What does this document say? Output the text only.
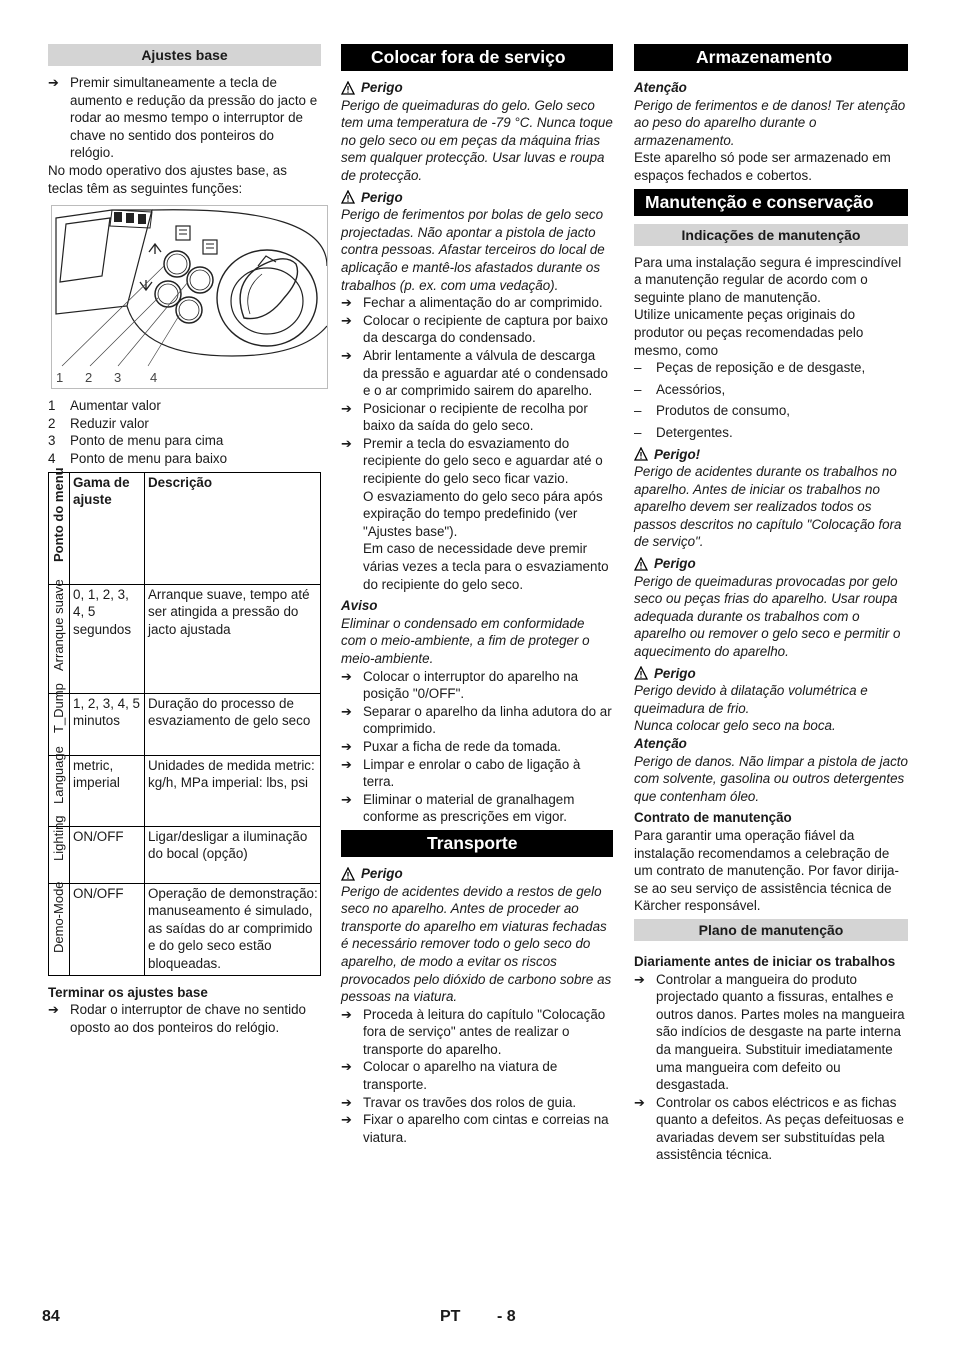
Ajustes base
➔ Premir simultaneamente a tecla de aumento e redução da pressão do jacto e rodar ao mesmo tempo o interruptor de chave no sentido dos ponteiros do relógio.

No modo operativo dos ajustes base, as teclas têm as seguintes funções:

1 2 3 4
1	Aumentar valor
2	Reduzir valor
3	Ponto de menu para cima
4	Ponto de menu para baixo
Ponto do menu	Gama de ajuste	Descrição

Arranque suave	0, 1, 2, 3, 4, 5 segundos	Arranque suave, tempo até ser atingida a pressão do jacto ajustada

T_Dump	1, 2, 3, 4, 5 minutos	Duração do processo de esvaziamento de gelo seco

Language	metric, imperial	Unidades de medida metric: kg/h, MPa imperial: lbs, psi

Lighting	ON/OFF	Ligar/desligar a iluminação do bocal (opção)

Demo-Mode	ON/OFF	Operação de demonstração: manuseamento é simulado, as saídas do ar comprimido e do gelo seco estão bloqueadas.

Terminar os ajustes base

➔ Rodar o interruptor de chave no sentido oposto ao dos ponteiros do relógio.
Colocar fora de serviço
Perigo

Perigo de queimaduras do gelo. Gelo seco tem uma temperatura de -79 °C. Nunca toque no gelo seco ou em peças da máquina frias sem qualquer protecção. Usar luvas e roupa de protecção.

Perigo

Perigo de ferimentos por bolas de gelo seco projectadas. Não apontar a pistola de jacto contra pessoas. Afastar terceiros do local de aplicação e mantê-los afastados durante os trabalhos (p. ex. com uma vedação).

➔ Fechar a alimentação do ar comprimido.
➔ Colocar o recipiente de captura por baixo da descarga do condensado.
➔ Abrir lentamente a válvula de descarga da pressão e aguardar até o condensado e o ar comprimido sairem do aparelho.
➔ Posicionar o recipiente de recolha por baixo da saída do gelo seco.
➔ Premir a tecla do esvaziamento do recipiente do gelo seco e aguardar até o recipiente do gelo seco ficar vazio.

O esvaziamento do gelo seco pára após expiração do tempo predefinido (ver "Ajustes base").

Em caso de necessidade deve premir várias vezes a tecla para o esvaziamento do recipiente do gelo seco.

Aviso

Eliminar o condensado em conformidade com o meio-ambiente, a fim de proteger o meio-ambiente.

➔ Colocar o interruptor do aparelho na posição "0/OFF".
➔ Separar o aparelho da linha adutora do ar comprimido.
➔ Puxar a ficha de rede da tomada.
➔ Limpar e enrolar o cabo de ligação à terra.
➔ Eliminar o material de granalhagem conforme as prescrições em vigor.
Transporte
Perigo

Perigo de acidentes devido a restos de gelo seco no aparelho. Antes de proceder ao transporte do aparelho em viaturas fechadas é necessário remover todo o gelo seco do aparelho, de modo a evitar os riscos provocados pelo dióxido de carbono sobre as pessoas na viatura.

➔ Proceda à leitura do capítulo "Colocação fora de serviço" antes de realizar o transporte do aparelho.
➔ Colocar o aparelho na viatura de transporte.
➔ Travar os travões dos rolos de guia.
➔ Fixar o aparelho com cintas e correias na viatura.
Armazenamento

Atenção

Perigo de ferimentos e de danos! Ter atenção ao peso do aparelho durante o armazenamento.

Este aparelho só pode ser armazenado em espaços fechados e cobertos.

Manutenção e conservação
Indicações de manutenção

Para uma instalação segura é imprescindível a manutenção regular de acordo com o seguinte plano de manutenção.

Utilize unicamente peças originais do produtor ou peças recomendadas pelo mesmo, como

–	Peças de reposição e de desgaste,
–	Acessórios,
–	Produtos de consumo,
–	Detergentes.
Perigo!

Perigo de acidentes durante os trabalhos no aparelho. Antes de iniciar os trabalhos no aparelho devem ser realizados todos os passos descritos no capítulo "Colocação fora de serviço".

Perigo

Perigo de queimaduras provocadas por gelo seco ou peças frias do aparelho. Usar roupa adequada durante os trabalhos com o aparelho ou remover o gelo seco e permitir o aquecimento do aparelho.

Perigo

Perigo devido à dilatação volumétrica e queimadura de frio.

Nunca colocar gelo seco na boca.

Atenção

Perigo de danos. Não limpar a pistola de jacto com solvente, gasolina ou outros detergentes que contenham óleo.

Contrato de manutenção

Para garantir uma operação fiável da instalação recomendamos a celebração de um contrato de manutenção. Por favor dirija-se ao seu serviço de assistência técnica de Kärcher responsável.

Plano de manutenção

Diariamente antes de iniciar os trabalhos

➔ Controlar a mangueira do produto projectado quanto a fissuras, entalhes e outros danos. Partes moles na mangueira são indícios de desgaste na parte interna da mangueira. Substituir imediatamente uma mangueira com defeito ou desgastada.
➔ Controlar os cabos eléctricos e as fichas quanto a defeitos. As peças defeituosas e avariadas devem ser substituídas pela assistência técnica.
84	PT - 8
